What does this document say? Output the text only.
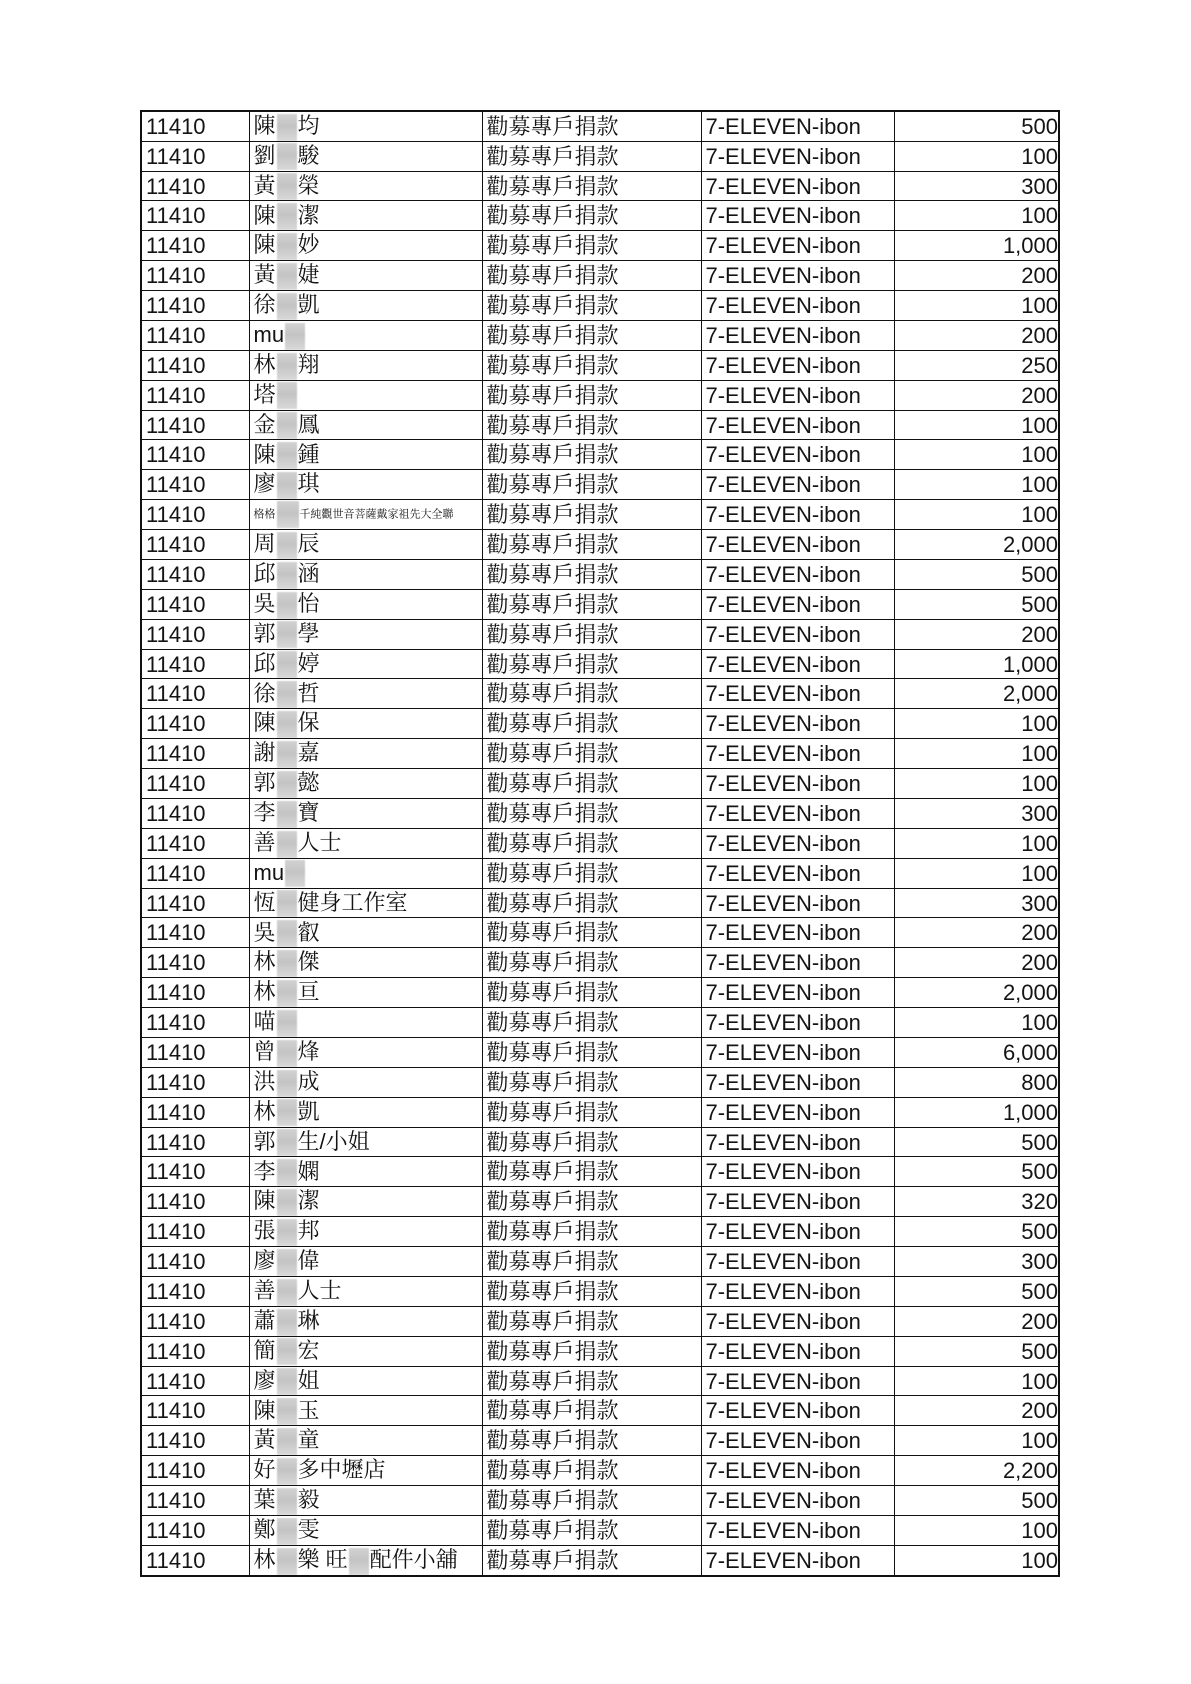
11410	陳 均	勸募專戶捐款	7-ELEVEN-ibon	500
11410	劉 駿	勸募專戶捐款	7-ELEVEN-ibon	100
11410	黃 榮	勸募專戶捐款	7-ELEVEN-ibon	300
11410	陳 潔	勸募專戶捐款	7-ELEVEN-ibon	100
11410	陳 妙	勸募專戶捐款	7-ELEVEN-ibon	1,000
11410	黃 婕	勸募專戶捐款	7-ELEVEN-ibon	200
11410	徐 凱	勸募專戶捐款	7-ELEVEN-ibon	100
11410	mu	勸募專戶捐款	7-ELEVEN-ibon	200
11410	林 翔	勸募專戶捐款	7-ELEVEN-ibon	250
11410	塔	勸募專戶捐款	7-ELEVEN-ibon	200
11410	金 鳳	勸募專戶捐款	7-ELEVEN-ibon	100
11410	陳 鍾	勸募專戶捐款	7-ELEVEN-ibon	100
11410	廖 琪	勸募專戶捐款	7-ELEVEN-ibon	100
11410	格格 千純觀世音菩薩戴家祖先大全聯	勸募專戶捐款	7-ELEVEN-ibon	100
11410	周 辰	勸募專戶捐款	7-ELEVEN-ibon	2,000
11410	邱 涵	勸募專戶捐款	7-ELEVEN-ibon	500
11410	吳 怡	勸募專戶捐款	7-ELEVEN-ibon	500
11410	郭 學	勸募專戶捐款	7-ELEVEN-ibon	200
11410	邱 婷	勸募專戶捐款	7-ELEVEN-ibon	1,000
11410	徐 哲	勸募專戶捐款	7-ELEVEN-ibon	2,000
11410	陳 保	勸募專戶捐款	7-ELEVEN-ibon	100
11410	謝 嘉	勸募專戶捐款	7-ELEVEN-ibon	100
11410	郭 懿	勸募專戶捐款	7-ELEVEN-ibon	100
11410	李 寶	勸募專戶捐款	7-ELEVEN-ibon	300
11410	善 人士	勸募專戶捐款	7-ELEVEN-ibon	100
11410	mu	勸募專戶捐款	7-ELEVEN-ibon	100
11410	恆 健身工作室	勸募專戶捐款	7-ELEVEN-ibon	300
11410	吳 叡	勸募專戶捐款	7-ELEVEN-ibon	200
11410	林 傑	勸募專戶捐款	7-ELEVEN-ibon	200
11410	林 亘	勸募專戶捐款	7-ELEVEN-ibon	2,000
11410	喵	勸募專戶捐款	7-ELEVEN-ibon	100
11410	曾 烽	勸募專戶捐款	7-ELEVEN-ibon	6,000
11410	洪 成	勸募專戶捐款	7-ELEVEN-ibon	800
11410	林 凱	勸募專戶捐款	7-ELEVEN-ibon	1,000
11410	郭 生/小姐	勸募專戶捐款	7-ELEVEN-ibon	500
11410	李 嫻	勸募專戶捐款	7-ELEVEN-ibon	500
11410	陳 潔	勸募專戶捐款	7-ELEVEN-ibon	320
11410	張 邦	勸募專戶捐款	7-ELEVEN-ibon	500
11410	廖 偉	勸募專戶捐款	7-ELEVEN-ibon	300
11410	善 人士	勸募專戶捐款	7-ELEVEN-ibon	500
11410	蕭 琳	勸募專戶捐款	7-ELEVEN-ibon	200
11410	簡 宏	勸募專戶捐款	7-ELEVEN-ibon	500
11410	廖 姐	勸募專戶捐款	7-ELEVEN-ibon	100
11410	陳 玉	勸募專戶捐款	7-ELEVEN-ibon	200
11410	黃 童	勸募專戶捐款	7-ELEVEN-ibon	100
11410	好 多中壢店	勸募專戶捐款	7-ELEVEN-ibon	2,200
11410	葉 毅	勸募專戶捐款	7-ELEVEN-ibon	500
11410	鄭 雯	勸募專戶捐款	7-ELEVEN-ibon	100
11410	林 樂 旺 配件小舖	勸募專戶捐款	7-ELEVEN-ibon	100
